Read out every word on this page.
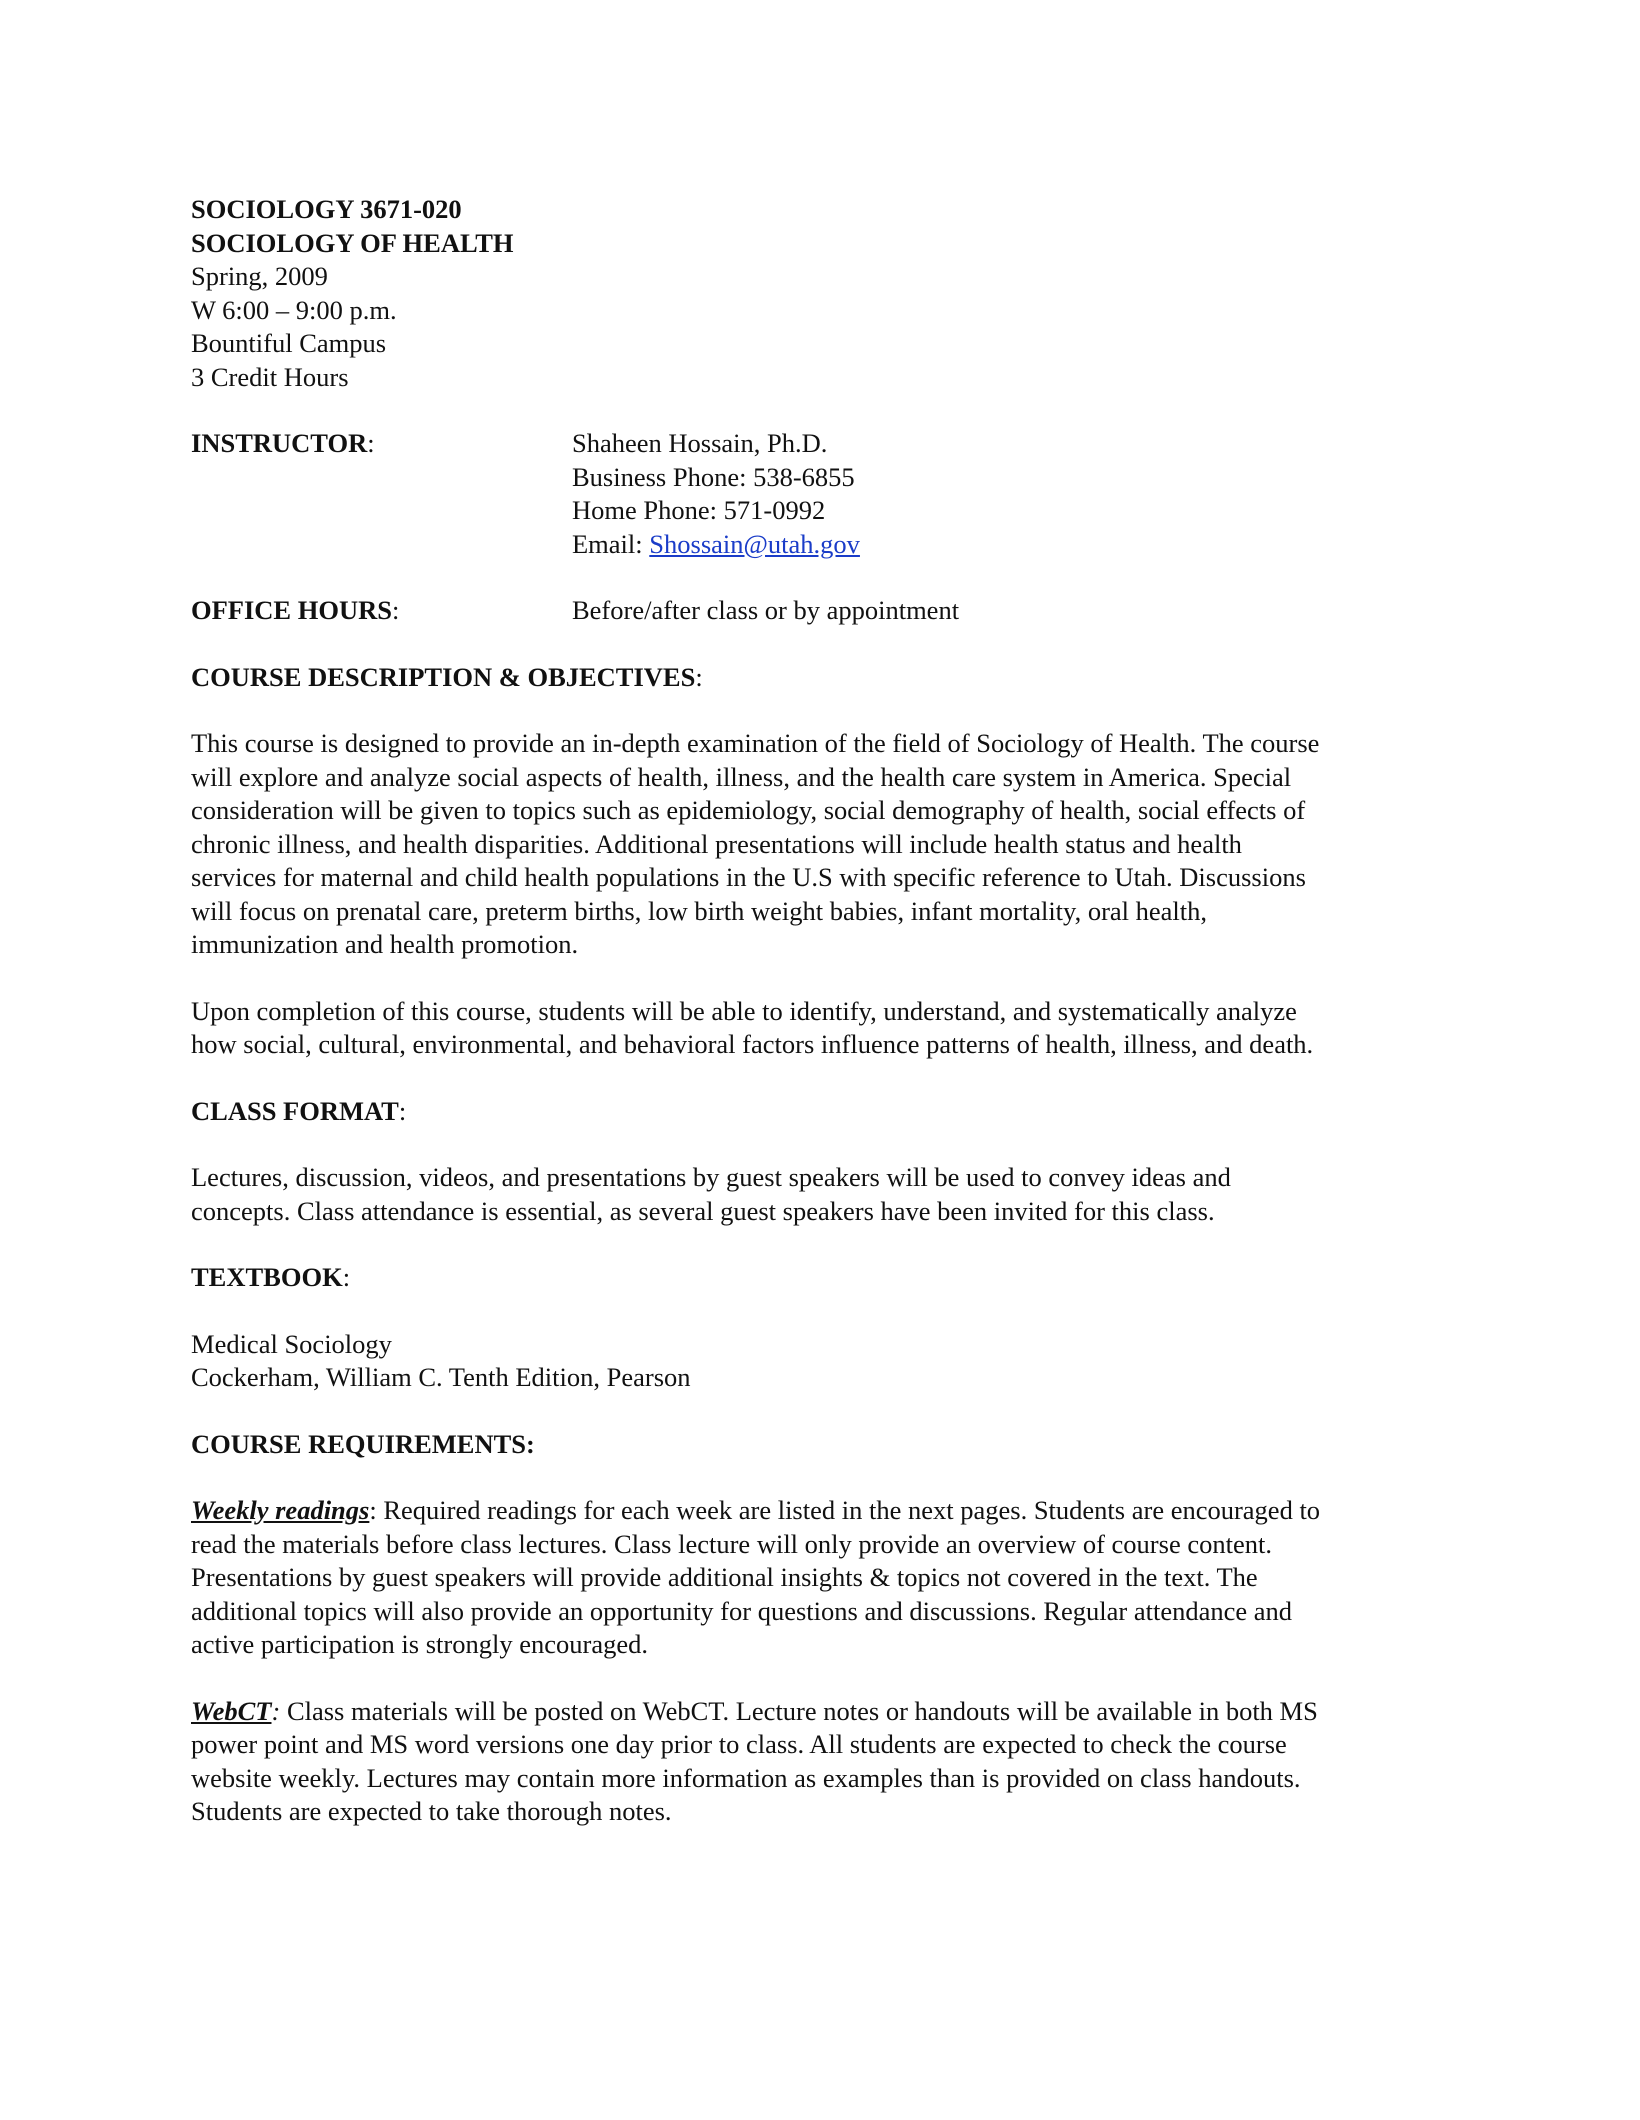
SOCIOLOGY 3671-020
SOCIOLOGY OF HEALTH
Spring, 2009
W 6:00 – 9:00 p.m.
Bountiful Campus
3 Credit Hours
INSTRUCTOR:	Shaheen Hossain, Ph.D.
Business Phone: 538-6855
Home Phone: 571-0992
Email: Shossain@utah.gov
OFFICE HOURS:	Before/after class or by appointment
COURSE DESCRIPTION & OBJECTIVES:
This course is designed to provide an in-depth examination of the field of Sociology of Health. The course
will explore and analyze social aspects of health, illness, and the health care system in America. Special
consideration will be given to topics such as epidemiology, social demography of health, social effects of
chronic illness, and health disparities. Additional presentations will include health status and health
services for maternal and child health populations in the U.S with specific reference to Utah. Discussions
will focus on prenatal care, preterm births, low birth weight babies, infant mortality, oral health,
immunization and health promotion.
Upon completion of this course, students will be able to identify, understand, and systematically analyze
how social, cultural, environmental, and behavioral factors influence patterns of health, illness, and death.
CLASS FORMAT:
Lectures, discussion, videos, and presentations by guest speakers will be used to convey ideas and
concepts. Class attendance is essential, as several guest speakers have been invited for this class.
TEXTBOOK:
Medical Sociology
Cockerham, William C. Tenth Edition, Pearson
COURSE REQUIREMENTS:
Weekly readings: Required readings for each week are listed in the next pages. Students are encouraged to
read the materials before class lectures. Class lecture will only provide an overview of course content.
Presentations by guest speakers will provide additional insights & topics not covered in the text. The
additional topics will also provide an opportunity for questions and discussions. Regular attendance and
active participation is strongly encouraged.
WebCT: Class materials will be posted on WebCT. Lecture notes or handouts will be available in both MS
power point and MS word versions one day prior to class. All students are expected to check the course
website weekly. Lectures may contain more information as examples than is provided on class handouts.
Students are expected to take thorough notes.
